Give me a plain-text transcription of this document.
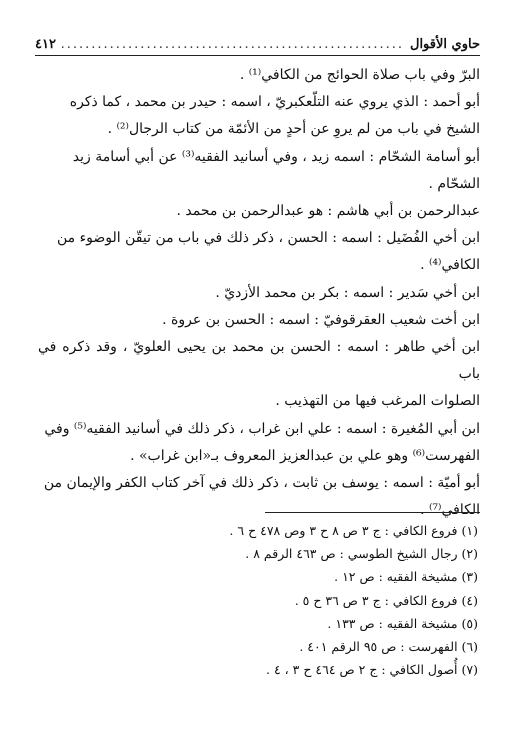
حاوي الأقوال
.....
٤١٢

البرّ وفي باب صلاة الحوائج من الكافي⁽¹⁾ .

أبو أحمد : الذي يروي عنه التلّعكبريّ ، اسمه : حيدر بن محمد ، كما ذكره

الشيخ في باب من لم يروِ عن أحدٍ من الأئمّة من كتاب الرجال⁽²⁾ .

أبو أسامة الشحّام : اسمه زيد ، وفي أسانيد الفقيه⁽³⁾ عن أبي أسامة زيد

الشحّام .

عبدالرحمن بن أبي هاشم : هو عبدالرحمن بن محمد .

ابن أخي الفُضَيل : اسمه : الحسن ، ذكر ذلك في باب من تيقّن الوضوء من

الكافي⁽⁴⁾ .

ابن أخي سَدير : اسمه : بكر بن محمد الأزديّ .

ابن أخت شعيب العقرقوفيّ : اسمه : الحسن بن عروة .

ابن أخي طاهر : اسمه : الحسن بن محمد بن يحيى العلويّ ، وقد ذكره في باب

الصلوات المرغب فيها من التهذيب .

ابن أبي المُغيرة : اسمه : علي ابن غراب ، ذكر ذلك في أسانيد الفقيه⁽⁵⁾ وفي

الفهرست⁽⁶⁾ وهو علي بن عبدالعزيز المعروف بـ«ابن غراب» .

أبو أميّة : اسمه : يوسف بن ثابت ، ذكر ذلك في آخر كتاب الكفر والإيمان من

الكافي⁽⁷⁾ .

(١) فروع الكافي : ج ٣ ص ٨ ح ٣ وص ٤٧٨ ح ٦ .
(٢) رجال الشيخ الطوسي : ص ٤٦٣ الرقم ٨ .
(٣) مشيخة الفقيه : ص ١٢ .
(٤) فروع الكافي : ج ٣ ص ٣٦ ح ٥ .
(٥) مشيخة الفقيه : ص ١٣٣ .
(٦) الفهرست : ص ٩٥ الرقم ٤٠١ .
(٧) أُصول الكافي : ج ٢ ص ٤٦٤ ح ٣ ، ٤ .
